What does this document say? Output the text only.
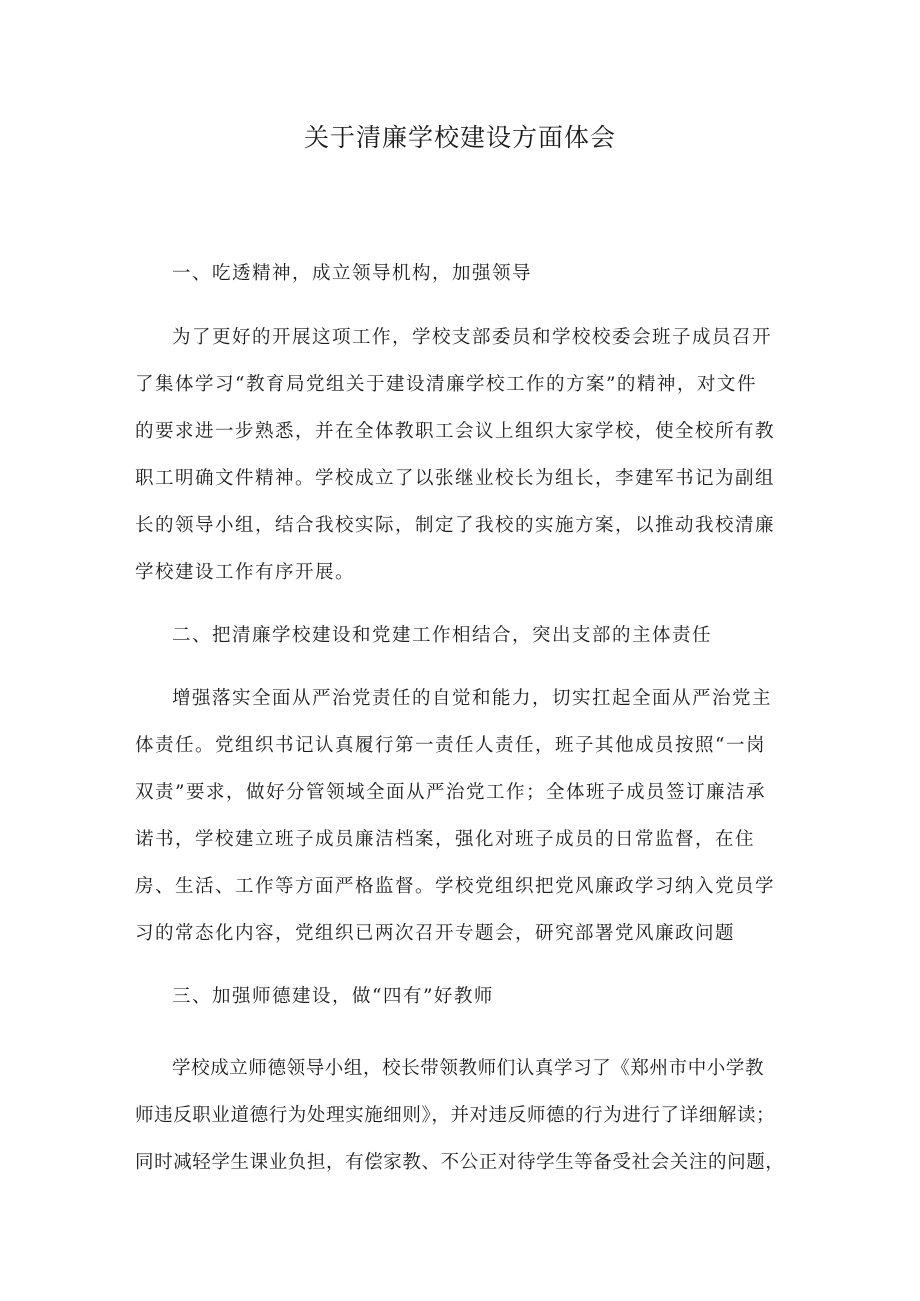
关于清廉学校建设方面体会
一、吃透精神，成立领导机构，加强领导
为了更好的开展这项工作，学校支部委员和学校校委会班子成员召开
了集体学习“教育局党组关于建设清廉学校工作的方案”的精神，对文件
的要求进一步熟悉，并在全体教职工会议上组织大家学校，使全校所有教
职工明确文件精神。学校成立了以张继业校长为组长，李建军书记为副组
长的领导小组，结合我校实际，制定了我校的实施方案，以推动我校清廉
学校建设工作有序开展。
二、把清廉学校建设和党建工作相结合，突出支部的主体责任
增强落实全面从严治党责任的自觉和能力，切实扛起全面从严治党主
体责任。党组织书记认真履行第一责任人责任，班子其他成员按照“一岗
双责”要求，做好分管领域全面从严治党工作；全体班子成员签订廉洁承
诺书，学校建立班子成员廉洁档案，强化对班子成员的日常监督，在住
房、生活、工作等方面严格监督。学校党组织把党风廉政学习纳入党员学
习的常态化内容，党组织已两次召开专题会，研究部署党风廉政问题
三、加强师德建设，做“四有”好教师
学校成立师德领导小组，校长带领教师们认真学习了《郑州市中小学教
师违反职业道德行为处理实施细则》，并对违反师德的行为进行了详细解读；
同时减轻学生课业负担，有偿家教、不公正对待学生等备受社会关注的问题，
